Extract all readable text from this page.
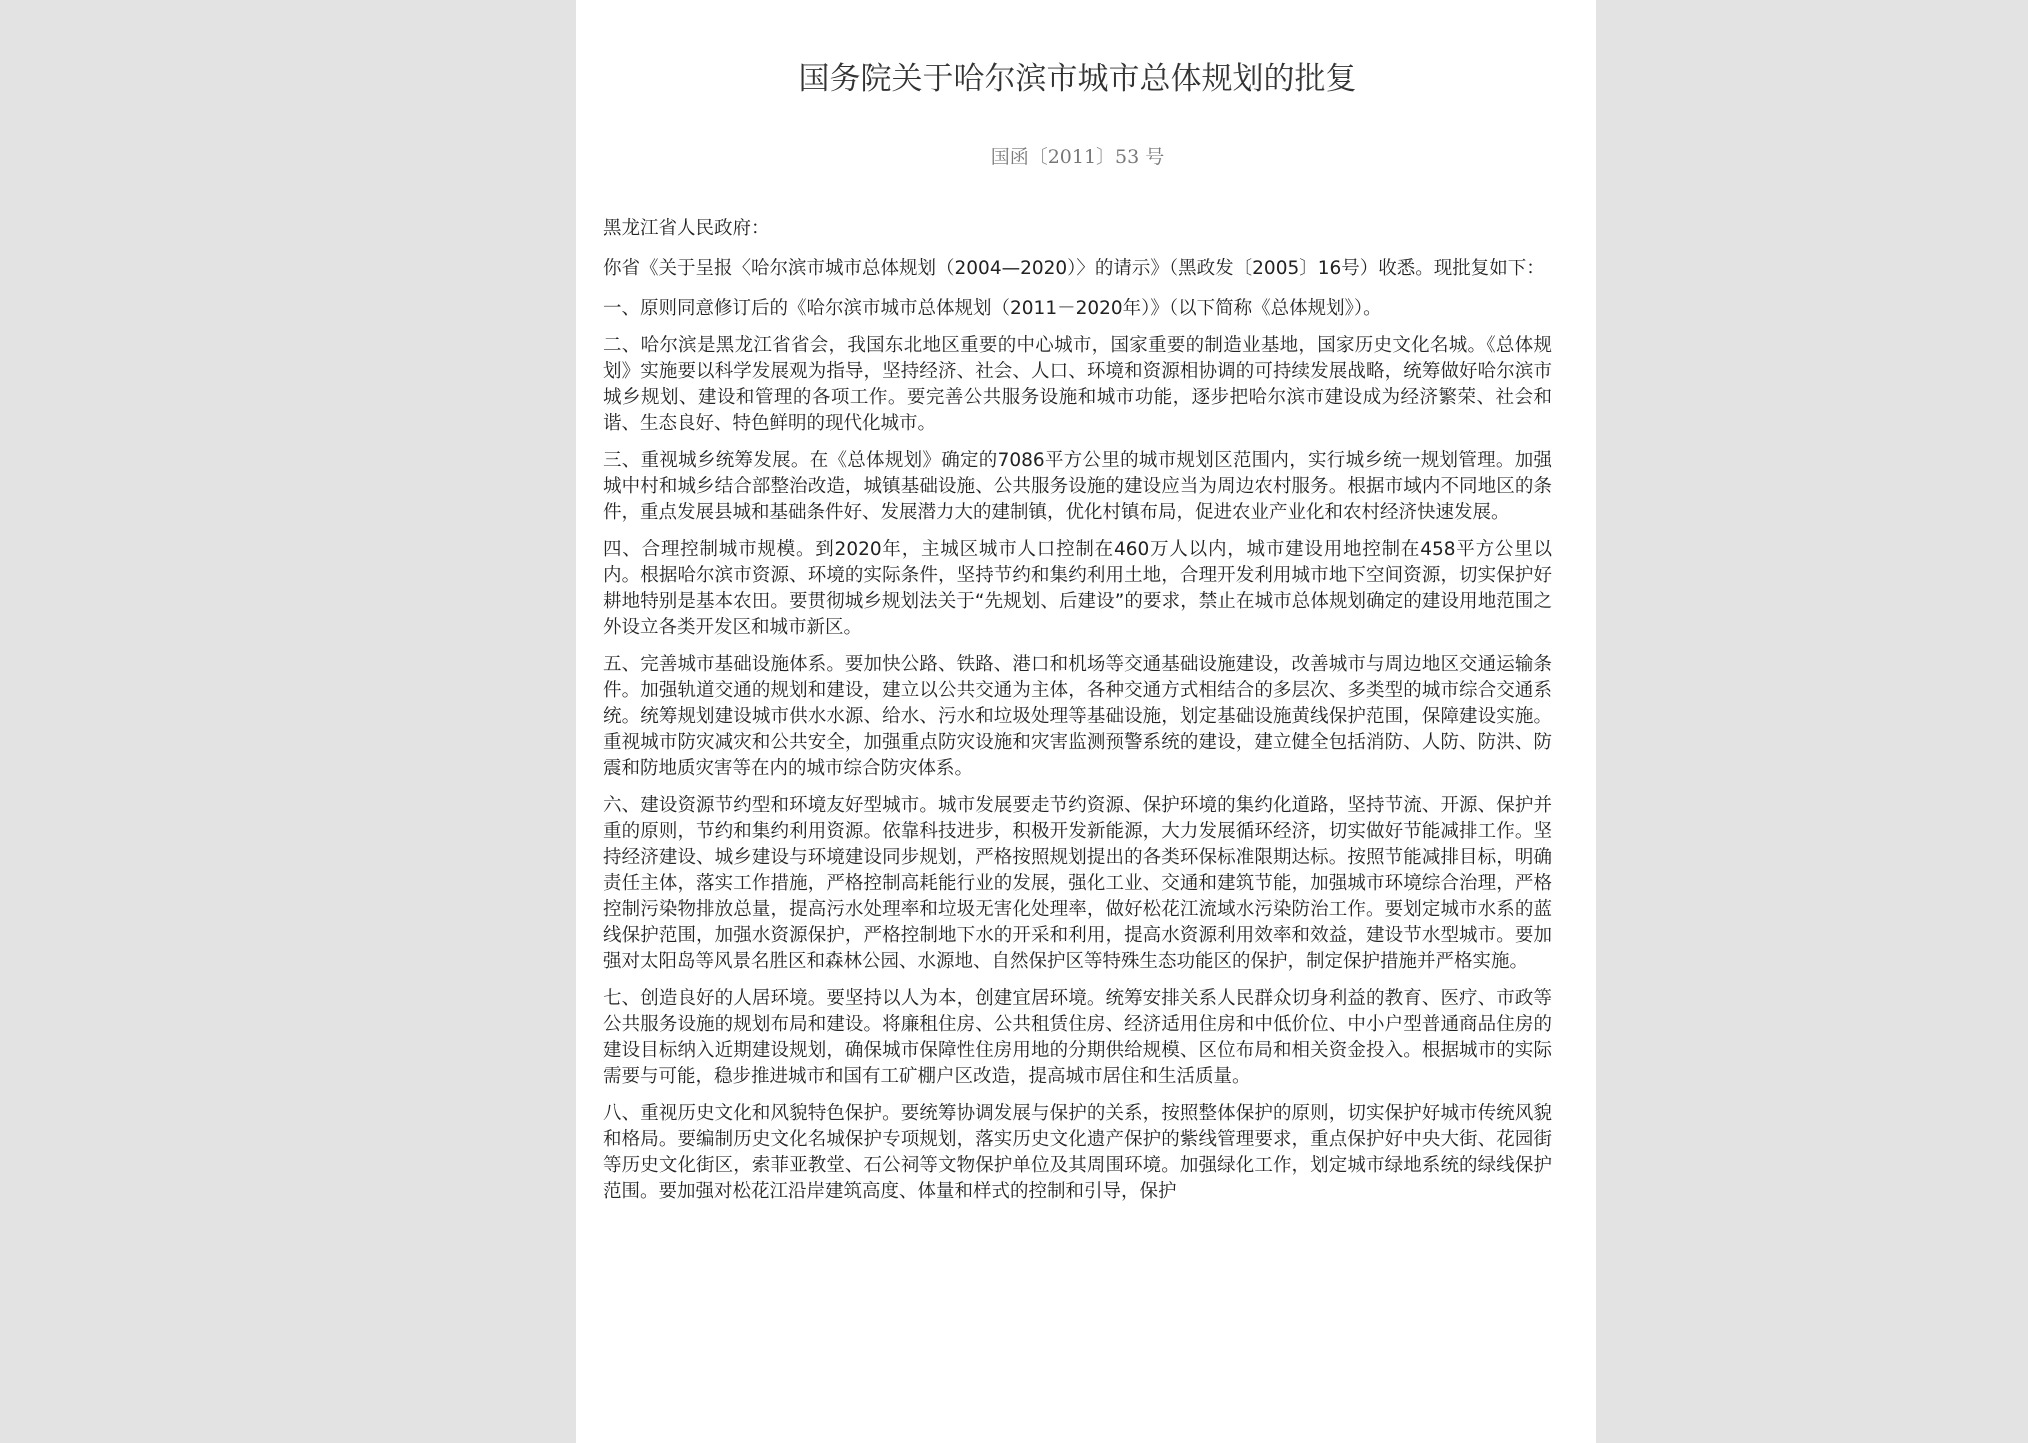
国务院关于哈尔滨市城市总体规划的批复
国函〔2011〕53 号

黑龙江省人民政府：

你省《关于呈报〈哈尔滨市城市总体规划（2004—2020）〉的请示》（黑政发〔2005〕16号）收悉。现批复如下：

一、原则同意修订后的《哈尔滨市城市总体规划（2011－2020年）》（以下简称《总体规划》）。

二、哈尔滨是黑龙江省省会，我国东北地区重要的中心城市，国家重要的制造业基地，国家历史文化名城。《总体规划》实施要以科学发展观为指导，坚持经济、社会、人口、环境和资源相协调的可持续发展战略，统筹做好哈尔滨市城乡规划、建设和管理的各项工作。要完善公共服务设施和城市功能，逐步把哈尔滨市建设成为经济繁荣、社会和谐、生态良好、特色鲜明的现代化城市。

三、重视城乡统筹发展。在《总体规划》确定的7086平方公里的城市规划区范围内，实行城乡统一规划管理。加强城中村和城乡结合部整治改造，城镇基础设施、公共服务设施的建设应当为周边农村服务。根据市域内不同地区的条件，重点发展县城和基础条件好、发展潜力大的建制镇，优化村镇布局，促进农业产业化和农村经济快速发展。

四、合理控制城市规模。到2020年，主城区城市人口控制在460万人以内，城市建设用地控制在458平方公里以内。根据哈尔滨市资源、环境的实际条件，坚持节约和集约利用土地，合理开发利用城市地下空间资源，切实保护好耕地特别是基本农田。要贯彻城乡规划法关于“先规划、后建设”的要求，禁止在城市总体规划确定的建设用地范围之外设立各类开发区和城市新区。

五、完善城市基础设施体系。要加快公路、铁路、港口和机场等交通基础设施建设，改善城市与周边地区交通运输条件。加强轨道交通的规划和建设，建立以公共交通为主体，各种交通方式相结合的多层次、多类型的城市综合交通系统。统筹规划建设城市供水水源、给水、污水和垃圾处理等基础设施，划定基础设施黄线保护范围，保障建设实施。重视城市防灾减灾和公共安全，加强重点防灾设施和灾害监测预警系统的建设，建立健全包括消防、人防、防洪、防震和防地质灾害等在内的城市综合防灾体系。

六、建设资源节约型和环境友好型城市。城市发展要走节约资源、保护环境的集约化道路，坚持节流、开源、保护并重的原则，节约和集约利用资源。依靠科技进步，积极开发新能源，大力发展循环经济，切实做好节能减排工作。坚持经济建设、城乡建设与环境建设同步规划，严格按照规划提出的各类环保标准限期达标。按照节能减排目标，明确责任主体，落实工作措施，严格控制高耗能行业的发展，强化工业、交通和建筑节能，加强城市环境综合治理，严格控制污染物排放总量，提高污水处理率和垃圾无害化处理率，做好松花江流域水污染防治工作。要划定城市水系的蓝线保护范围，加强水资源保护，严格控制地下水的开采和利用，提高水资源利用效率和效益，建设节水型城市。要加强对太阳岛等风景名胜区和森林公园、水源地、自然保护区等特殊生态功能区的保护，制定保护措施并严格实施。

七、创造良好的人居环境。要坚持以人为本，创建宜居环境。统筹安排关系人民群众切身利益的教育、医疗、市政等公共服务设施的规划布局和建设。将廉租住房、公共租赁住房、经济适用住房和中低价位、中小户型普通商品住房的建设目标纳入近期建设规划，确保城市保障性住房用地的分期供给规模、区位布局和相关资金投入。根据城市的实际需要与可能，稳步推进城市和国有工矿棚户区改造，提高城市居住和生活质量。

八、重视历史文化和风貌特色保护。要统筹协调发展与保护的关系，按照整体保护的原则，切实保护好城市传统风貌和格局。要编制历史文化名城保护专项规划，落实历史文化遗产保护的紫线管理要求，重点保护好中央大街、花园街等历史文化街区，索菲亚教堂、石公祠等文物保护单位及其周围环境。加强绿化工作，划定城市绿地系统的绿线保护范围。要加强对松花江沿岸建筑高度、体量和样式的控制和引导，保护
